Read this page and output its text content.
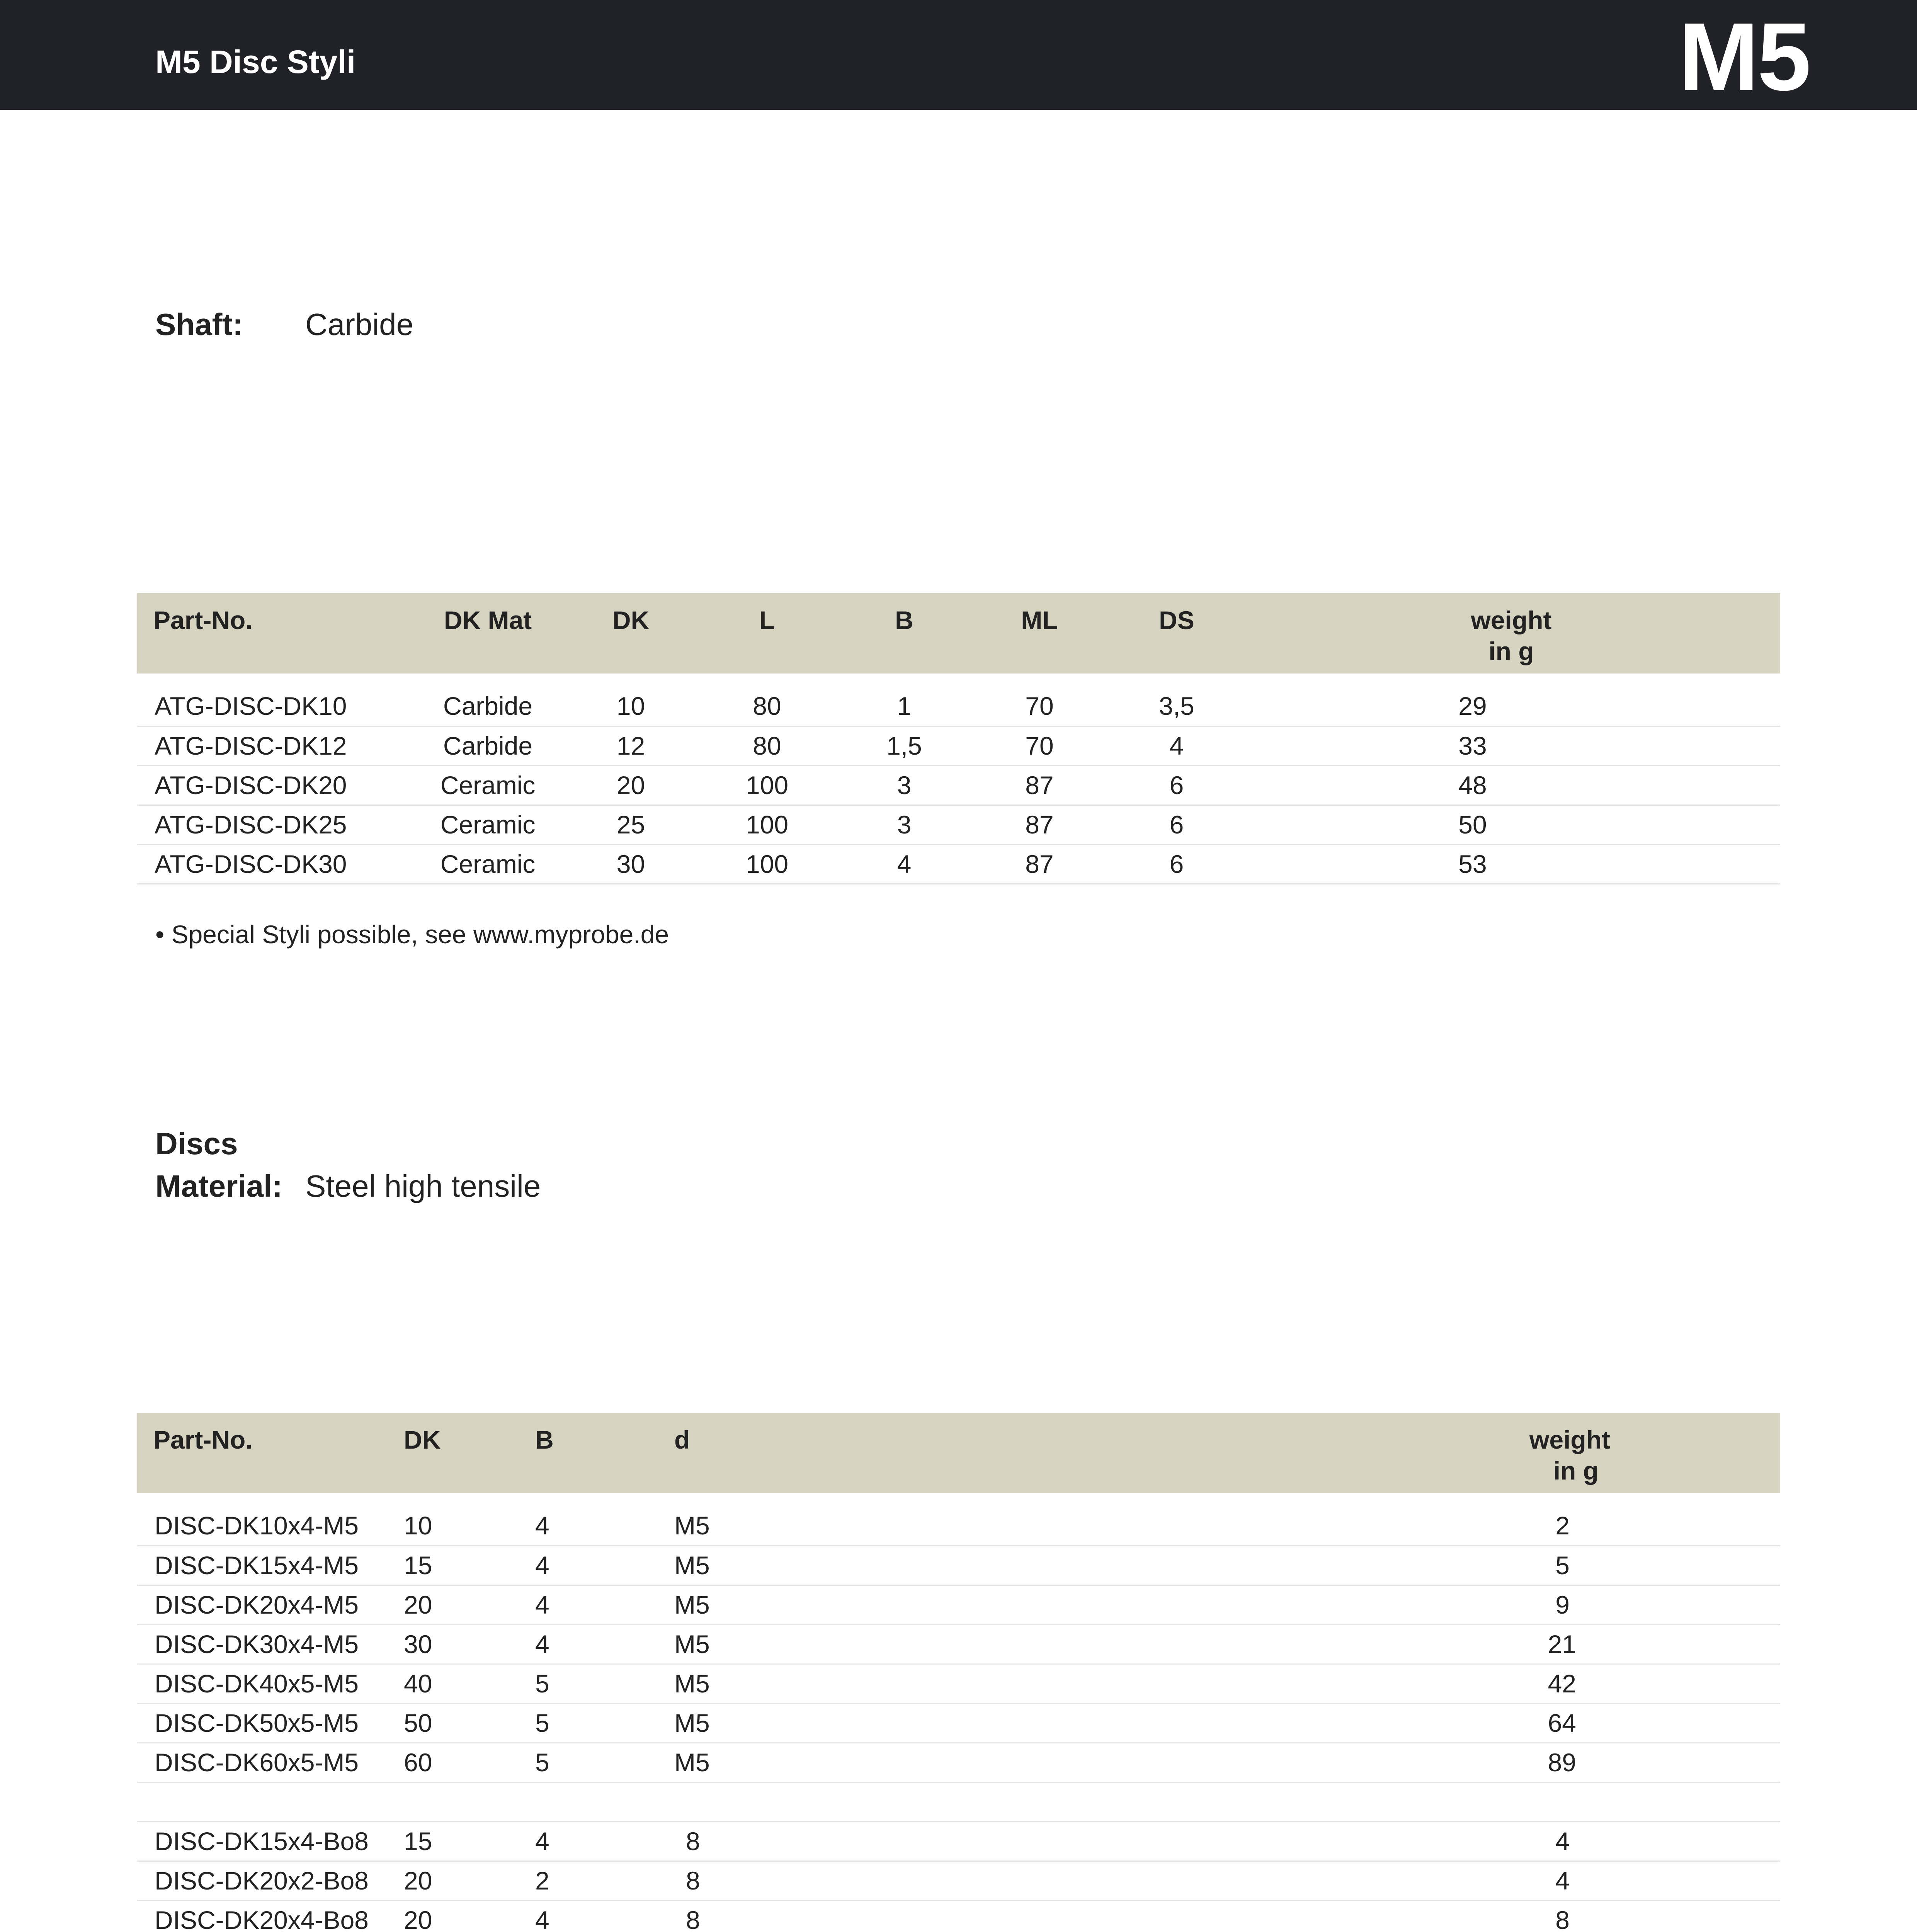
M5 Disc Styli	M5
Shaft: Carbide
Part-No.	DK Mat	DK	L	B	ML	DS	weight
in g

ATG-DISC-DK10	Carbide	10	80	1	70	3,5	29
ATG-DISC-DK12	Carbide	12	80	1,5	70	4	33
ATG-DISC-DK20	Ceramic	20	100	3	87	6	48
ATG-DISC-DK25	Ceramic	25	100	3	87	6	50
ATG-DISC-DK30	Ceramic	30	100	4	87	6	53
• Special Styli possible, see www.myprobe.de
Discs
Material: Steel high tensile
Part-No.	DK	B	d	weight
in g

DISC-DK10x4-M5	10	4	M5	2
DISC-DK15x4-M5	15	4	M5	5
DISC-DK20x4-M5	20	4	M5	9
DISC-DK30x4-M5	30	4	M5	21
DISC-DK40x5-M5	40	5	M5	42
DISC-DK50x5-M5	50	5	M5	64
DISC-DK60x5-M5	60	5	M5	89

DISC-DK15x4-Bo8	15	4	8	4
DISC-DK20x2-Bo8	20	2	8	4
DISC-DK20x4-Bo8	20	4	8	8
